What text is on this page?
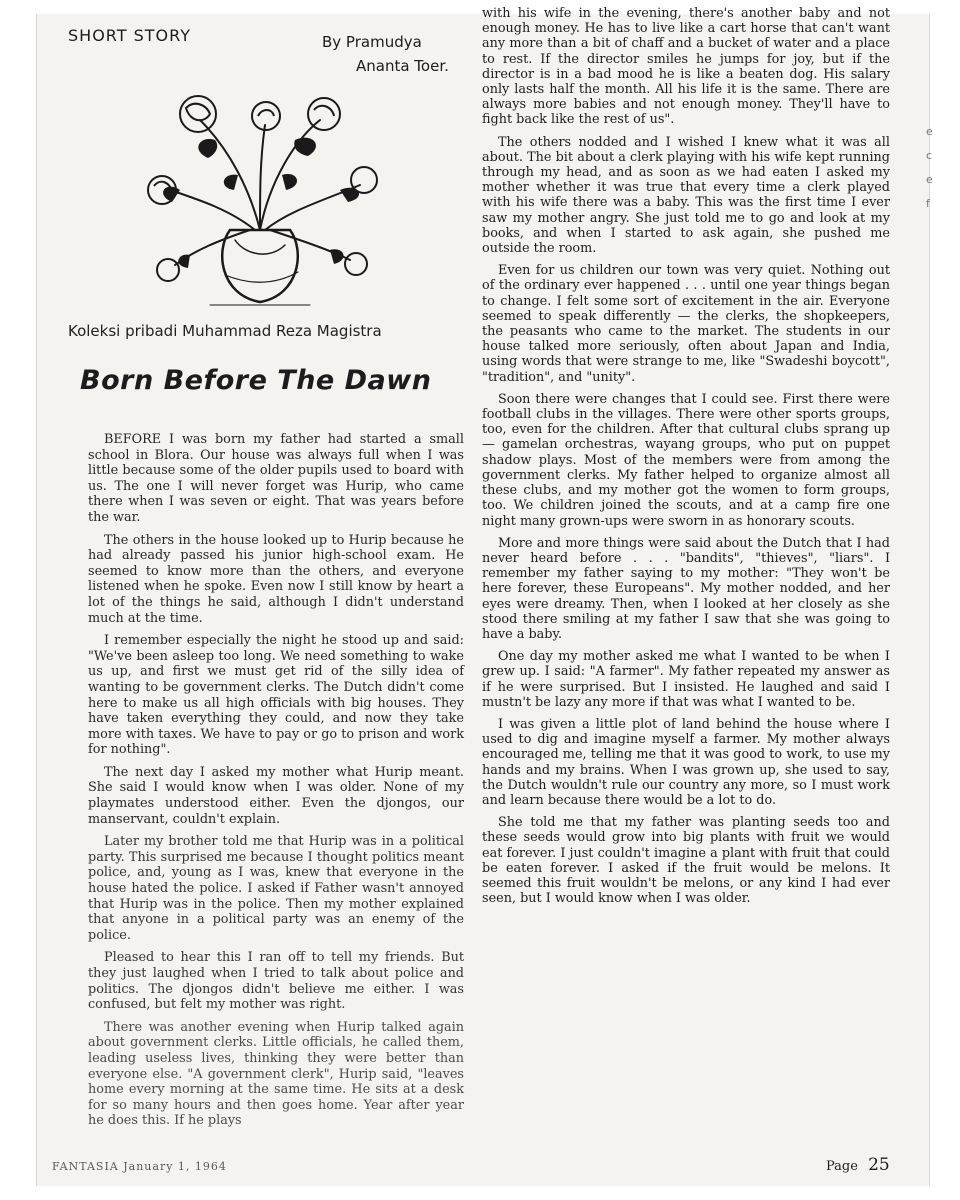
SHORT STORY	By Pramudya
Ananta Toer.
Koleksi pribadi Muhammad Reza Magistra
Born Before The Dawn

BEFORE I was born my father had started a small school in Blora. Our house was always full when I was little because some of the older pupils used to board with us. The one I will never forget was Hurip, who came there when I was seven or eight. That was years before the war.

The others in the house looked up to Hurip because he had already passed his junior high-school exam. He seemed to know more than the others, and everyone listened when he spoke. Even now I still know by heart a lot of the things he said, although I didn't understand much at the time.

I remember especially the night he stood up and said: "We've been asleep too long. We need something to wake us up, and first we must get rid of the silly idea of wanting to be government clerks. The Dutch didn't come here to make us all high officials with big houses. They have taken everything they could, and now they take more with taxes. We have to pay or go to prison and work for nothing".

The next day I asked my mother what Hurip meant. She said I would know when I was older. None of my playmates understood either. Even the djongos, our manservant, couldn't explain.

Later my brother told me that Hurip was in a political party. This surprised me because I thought politics meant police, and, young as I was, knew that everyone in the house hated the police. I asked if Father wasn't annoyed that Hurip was in the police. Then my mother explained that anyone in a political party was an enemy of the police.

Pleased to hear this I ran off to tell my friends. But they just laughed when I tried to talk about police and politics. The djongos didn't believe me either. I was confused, but felt my mother was right.

There was another evening when Hurip talked again about government clerks. Little officials, he called them, leading useless lives, thinking they were better than everyone else. "A government clerk", Hurip said, "leaves home every morning at the same time. He sits at a desk for so many hours and then goes home. Year after year he does this. If he plays

with his wife in the evening, there's another baby and not enough money. He has to live like a cart horse that can't want any more than a bit of chaff and a bucket of water and a place to rest. If the director smiles he jumps for joy, but if the director is in a bad mood he is like a beaten dog. His salary only lasts half the month. All his life it is the same. There are always more babies and not enough money. They'll have to fight back like the rest of us".

The others nodded and I wished I knew what it was all about. The bit about a clerk playing with his wife kept running through my head, and as soon as we had eaten I asked my mother whether it was true that every time a clerk played with his wife there was a baby. This was the first time I ever saw my mother angry. She just told me to go and look at my books, and when I started to ask again, she pushed me outside the room.

Even for us children our town was very quiet. Nothing out of the ordinary ever happened . . . until one year things began to change. I felt some sort of excitement in the air. Everyone seemed to speak differently — the clerks, the shopkeepers, the peasants who came to the market. The students in our house talked more seriously, often about Japan and India, using words that were strange to me, like "Swadeshi boycott", "tradition", and "unity".

Soon there were changes that I could see. First there were football clubs in the villages. There were other sports groups, too, even for the children. After that cultural clubs sprang up — gamelan orchestras, wayang groups, who put on puppet shadow plays. Most of the members were from among the government clerks. My father helped to organize almost all these clubs, and my mother got the women to form groups, too. We children joined the scouts, and at a camp fire one night many grown-ups were sworn in as honorary scouts.

More and more things were said about the Dutch that I had never heard before . . . "bandits", "thieves", "liars". I remember my father saying to my mother: "They won't be here forever, these Europeans". My mother nodded, and her eyes were dreamy. Then, when I looked at her closely as she stood there smiling at my father I saw that she was going to have a baby.

One day my mother asked me what I wanted to be when I grew up. I said: "A farmer". My father repeated my answer as if he were surprised. But I insisted. He laughed and said I mustn't be lazy any more if that was what I wanted to be.

I was given a little plot of land behind the house where I used to dig and imagine myself a farmer. My mother always encouraged me, telling me that it was good to work, to use my hands and my brains. When I was grown up, she used to say, the Dutch wouldn't rule our country any more, so I must work and learn because there would be a lot to do.

She told me that my father was planting seeds too and these seeds would grow into big plants with fruit we would eat forever. I just couldn't imagine a plant with fruit that could be eaten forever. I asked if the fruit would be melons. It seemed this fruit wouldn't be melons, or any kind I had ever seen, but I would know when I was older.

e
c
e
f
FANTASIA January 1, 1964	Page 25
